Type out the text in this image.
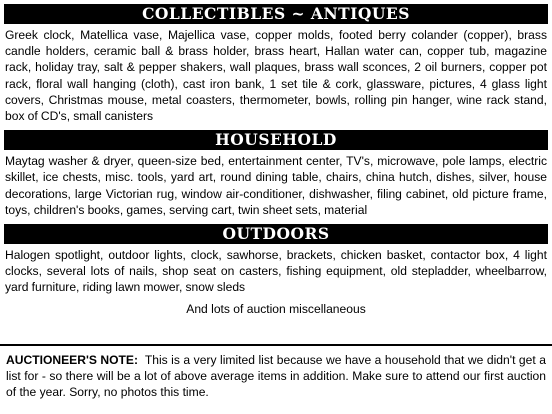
COLLECTIBLES ~ ANTIQUES

Greek clock, Matellica vase, Majellica vase, copper molds, footed berry colander (copper), brass candle holders, ceramic ball & brass holder, brass heart, Hallan water can, copper tub, magazine rack, holiday tray, salt & pepper shakers, wall plaques, brass wall sconces, 2 oil burners, copper pot rack, floral wall hanging (cloth), cast iron bank, 1 set tile & cork, glassware, pictures, 4 glass light covers, Christmas mouse, metal coasters, thermometer, bowls, rolling pin hanger, wine rack stand, box of CD's, small canisters

HOUSEHOLD

Maytag washer & dryer, queen-size bed, entertainment center, TV's, microwave, pole lamps, electric skillet, ice chests, misc. tools, yard art, round dining table, chairs, china hutch, dishes, silver, house decorations, large Victorian rug, window air-conditioner, dishwasher, filing cabinet, old picture frame, toys, children's books, games, serving cart, twin sheet sets, material

OUTDOORS

Halogen spotlight, outdoor lights, clock, sawhorse, brackets, chicken basket, contactor box, 4 light clocks, several lots of nails, shop seat on casters, fishing equipment, old stepladder, wheelbarrow, yard furniture, riding lawn mower, snow sleds

And lots of auction miscellaneous

AUCTIONEER'S NOTE: This is a very limited list because we have a household that we didn't get a list for - so there will be a lot of above average items in addition. Make sure to attend our first auction of the year. Sorry, no photos this time.
